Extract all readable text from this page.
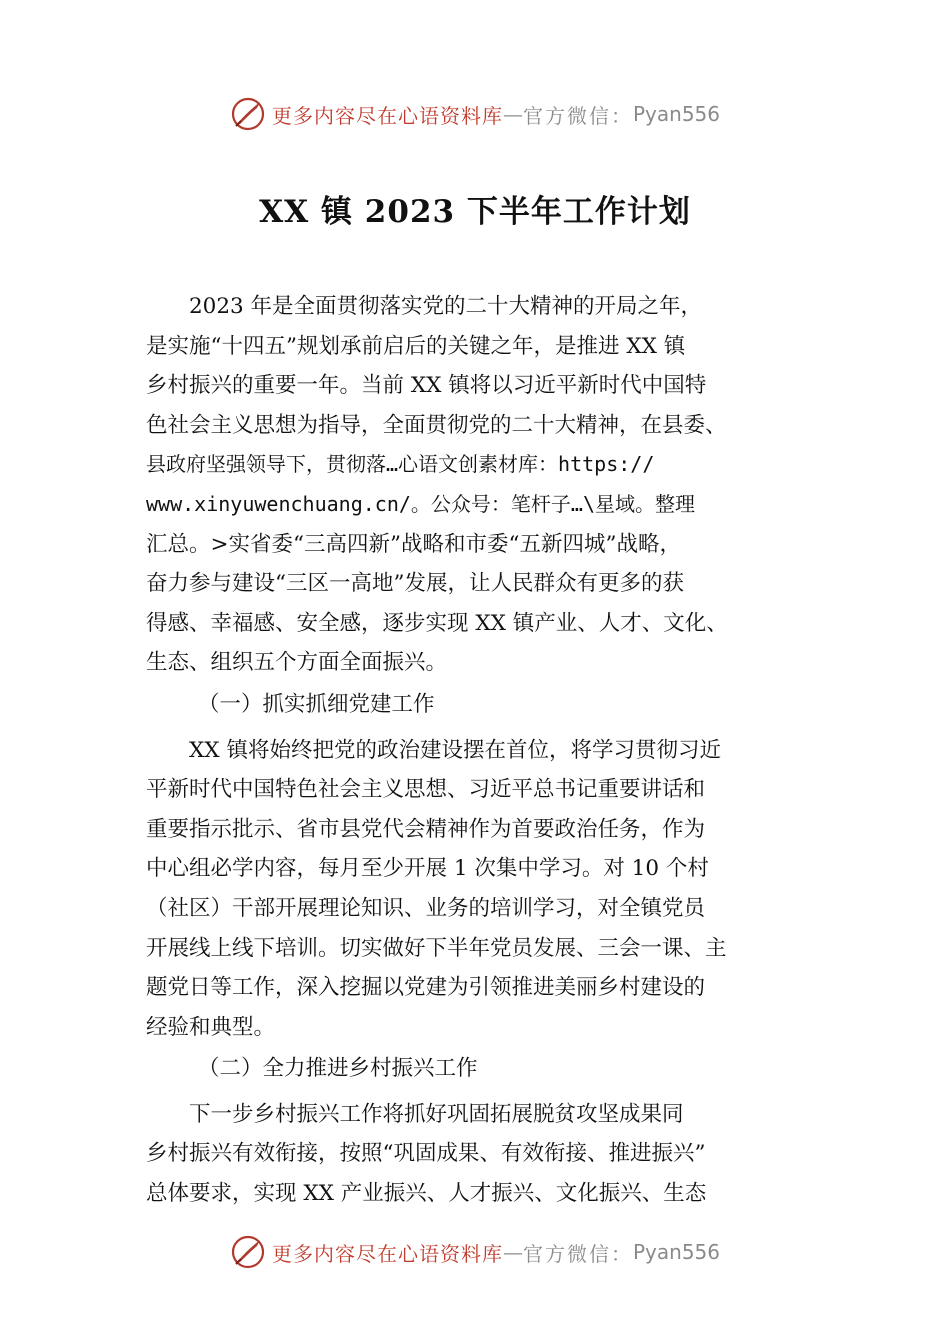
更多内容尽在心语资料库 — 官方微信： Pyan556
XX 镇 2023 下半年工作计划

2023 年是全面贯彻落实党的二十大精神的开局之年，
是实施“十四五”规划承前启后的关键之年，是推进 XX 镇
乡村振兴的重要一年。当前 XX 镇将以习近平新时代中国特
色社会主义思想为指导，全面贯彻党的二十大精神，在县委、
县政府坚强领导下，贯彻落…心语文创素材库：https://
www.xinyuwenchuang.cn/。公众号：笔杆子…\星域。整理
汇总。>实省委“三高四新”战略和市委“五新四城”战略，
奋力参与建设“三区一高地”发展，让人民群众有更多的获
得感、幸福感、安全感，逐步实现 XX 镇产业、人才、文化、
生态、组织五个方面全面振兴。

（一）抓实抓细党建工作

XX 镇将始终把党的政治建设摆在首位，将学习贯彻习近
平新时代中国特色社会主义思想、习近平总书记重要讲话和
重要指示批示、省市县党代会精神作为首要政治任务，作为
中心组必学内容，每月至少开展 1 次集中学习。对 10 个村
（社区）干部开展理论知识、业务的培训学习，对全镇党员
开展线上线下培训。切实做好下半年党员发展、三会一课、主
题党日等工作，深入挖掘以党建为引领推进美丽乡村建设的
经验和典型。

（二）全力推进乡村振兴工作

下一步乡村振兴工作将抓好巩固拓展脱贫攻坚成果同
乡村振兴有效衔接，按照“巩固成果、有效衔接、推进振兴”
总体要求，实现 XX 产业振兴、人才振兴、文化振兴、生态

更多内容尽在心语资料库 — 官方微信： Pyan556
